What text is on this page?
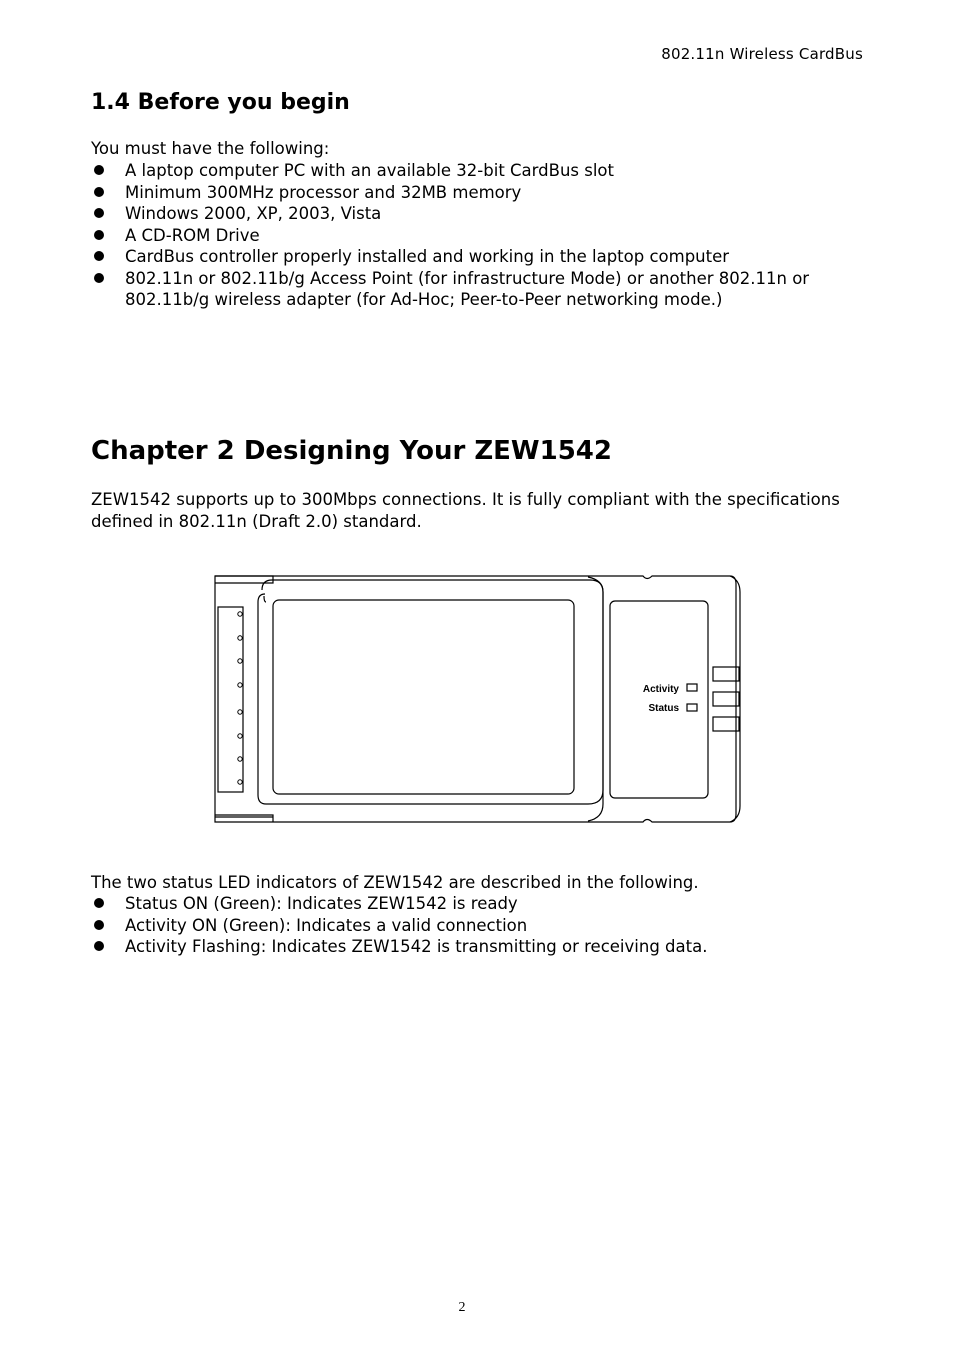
802.11n Wireless CardBus
1.4 Before you begin
You must have the following:
A laptop computer PC with an available 32-bit CardBus slot
Minimum 300MHz processor and 32MB memory
Windows 2000, XP, 2003, Vista
A CD-ROM Drive
CardBus controller properly installed and working in the laptop computer
802.11n or 802.11b/g Access Point (for infrastructure Mode) or another 802.11n or 802.11b/g wireless adapter (for Ad-Hoc; Peer-to-Peer networking mode.)
Chapter 2 Designing Your ZEW1542
ZEW1542 supports up to 300Mbps connections. It is fully compliant with the specifications defined in 802.11n (Draft 2.0) standard.
Activity
Status
The two status LED indicators of ZEW1542 are described in the following.
Status ON (Green): Indicates ZEW1542 is ready
Activity ON (Green): Indicates a valid connection
Activity Flashing: Indicates ZEW1542 is transmitting or receiving data.
2
